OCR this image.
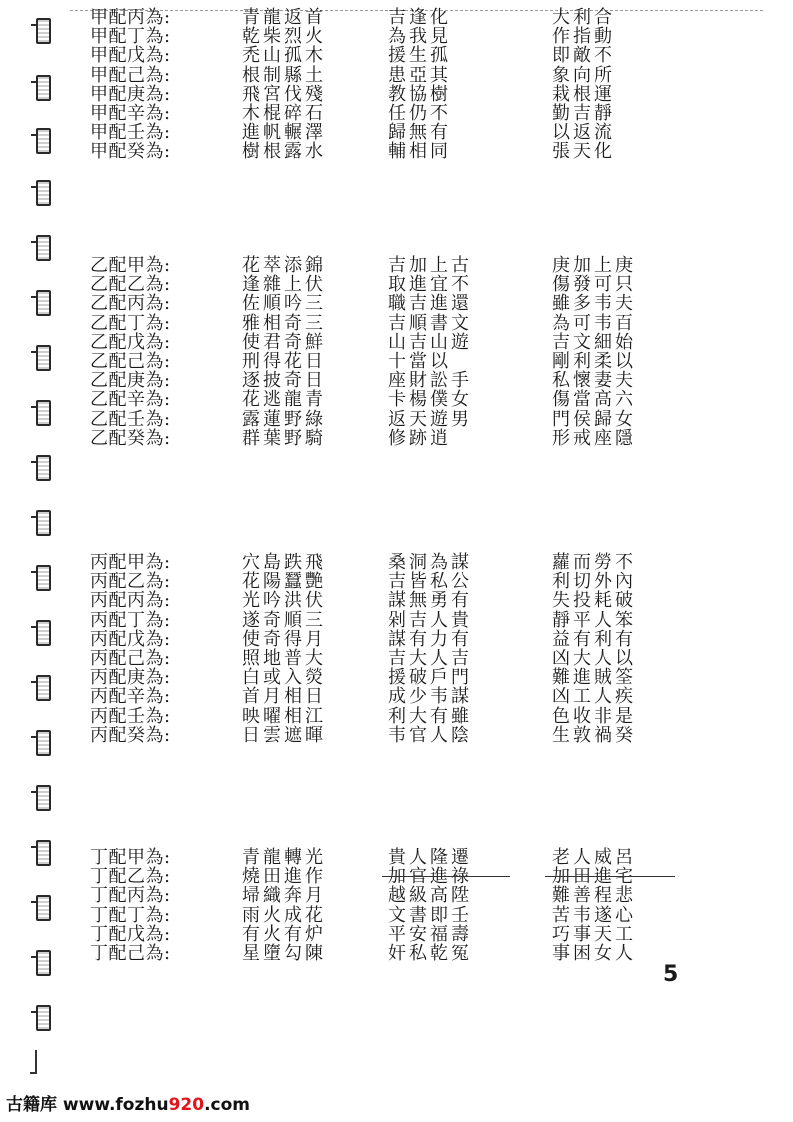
甲配丙為:	青龍返首	吉逢化	大利合
甲配丁為:	乾柴烈火	為我見	作指動
甲配戊為:	禿山孤木	援生孤	即敵不
甲配己為:	根制縣土	患亞其	象向所
甲配庚為:	飛宮伐殘	教協樹	栽根運
甲配辛為:	木棍碎石	任仍不	勤吉靜
甲配壬為:	進帆輾澤	歸無有	以返流
甲配癸為:	樹根露水	輔相同	張天化
乙配甲為:	花萃添錦	吉加上古	庚加上庚
乙配乙為:	逢雜上伏	取進宜不	傷發可只
乙配丙為:	佐順吟三	職吉進還	雖多韦夫
乙配丁為:	雅相奇三	吉順書文	為可韦百
乙配戊為:	使君奇鮮	山吉山遊	吉文細始
乙配己為:	刑得花日	十當以	剛利柔以
乙配庚為:	逐披奇日	座財訟手	私懷妻夫
乙配辛為:	花逃龍青	卡楊僕女	傷當高六
乙配壬為:	露蓮野綠	返天遊男	門侯歸女
乙配癸為:	群葉野騎	修跡逍	形戒座隱
丙配甲為:	穴島跌飛	桑洞為謀	蘿而勞不
丙配乙為:	花陽蠶艷	吉皆私公	利切外內
丙配丙為:	光吟洪伏	謀無勇有	失投耗破
丙配丁為:	遂奇順三	剁吉人貴	靜平人笨
丙配戊為:	使奇得月	謀有力有	益有利有
丙配己為:	照地普大	吉大人吉	凶大人以
丙配庚為:	白或入熒	援破戶門	難進賊筌
丙配辛為:	首月相日	成少韦謀	凶工人疾
丙配壬為:	映曜相江	利大有雖	色收非是
丙配癸為:	日雲遮暉	韦官人陰	生敦禍癸
丁配甲為:	青龍轉光	貴人隆遷	老人威呂
丁配乙為:	燒田進作	加官進祿	加田進宅
丁配丙為:	埽織奔月	越級高陞	難善程悲
丁配丁為:	雨火成花	文書即壬	苦韦遂心
丁配戊為:	有火有炉	平安福壽	巧事天工
丁配己為:	星墮勾陳	奸私乾冤	事困女人
5
古籍库 www.fozhu920.com
